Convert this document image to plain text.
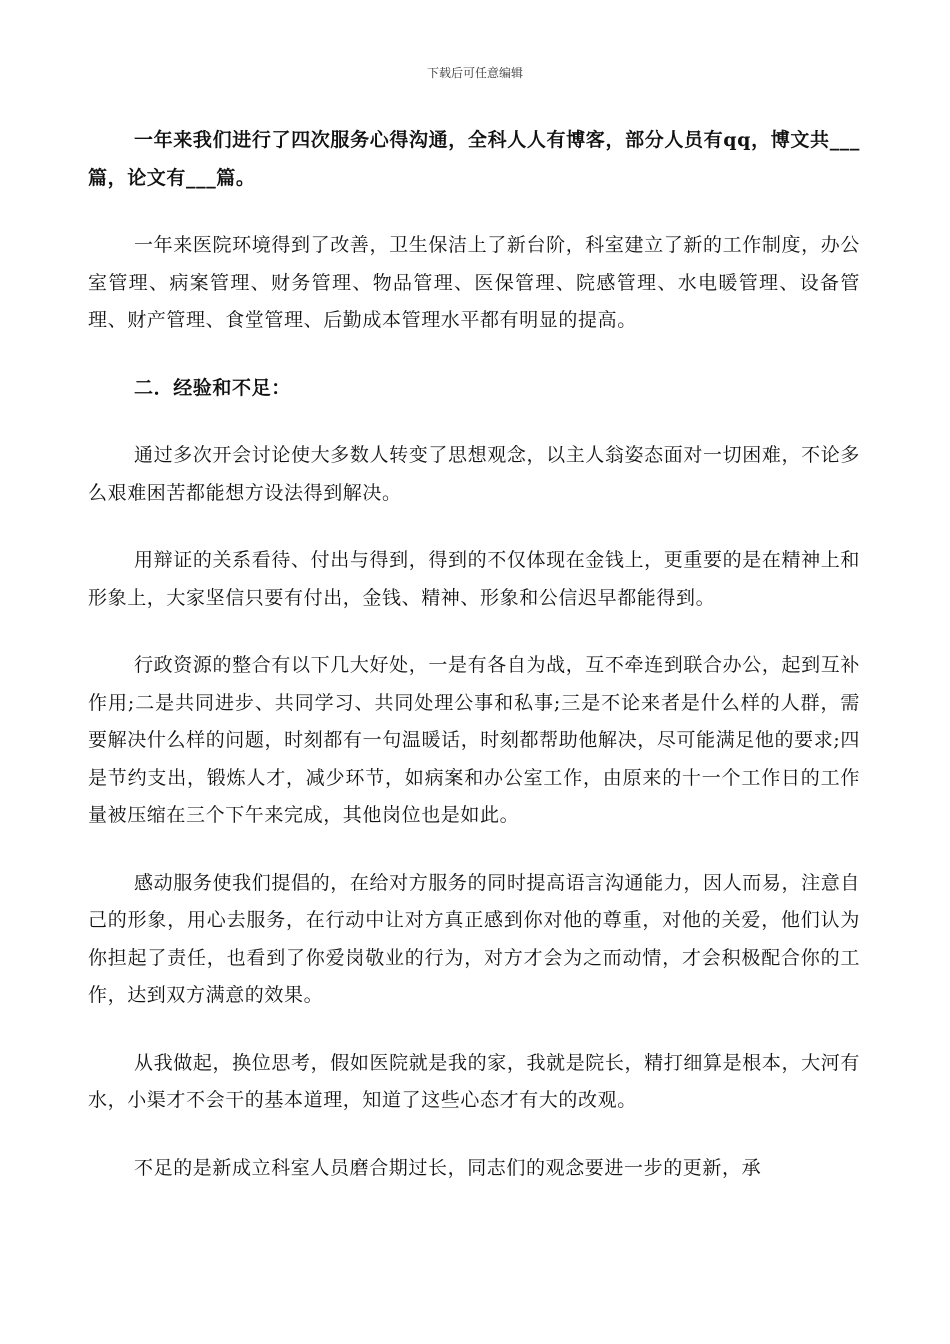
下载后可任意编辑

一年来我们进行了四次服务心得沟通，全科人人有博客，部分人员有qq，博文共___篇，论文有___篇。

一年来医院环境得到了改善，卫生保洁上了新台阶，科室建立了新的工作制度，办公室管理、病案管理、财务管理、物品管理、医保管理、院感管理、水电暖管理、设备管理、财产管理、食堂管理、后勤成本管理水平都有明显的提高。

二．经验和不足：

通过多次开会讨论使大多数人转变了思想观念，以主人翁姿态面对一切困难，不论多么艰难困苦都能想方设法得到解决。

用辩证的关系看待、付出与得到，得到的不仅体现在金钱上，更重要的是在精神上和形象上，大家坚信只要有付出，金钱、精神、形象和公信迟早都能得到。

行政资源的整合有以下几大好处，一是有各自为战，互不牵连到联合办公，起到互补作用;二是共同进步、共同学习、共同处理公事和私事;三是不论来者是什么样的人群，需要解决什么样的问题，时刻都有一句温暖话，时刻都帮助他解决，尽可能满足他的要求;四是节约支出，锻炼人才，减少环节，如病案和办公室工作，由原来的十一个工作日的工作量被压缩在三个下午来完成，其他岗位也是如此。

感动服务使我们提倡的，在给对方服务的同时提高语言沟通能力，因人而易，注意自己的形象，用心去服务，在行动中让对方真正感到你对他的尊重，对他的关爱，他们认为你担起了责任，也看到了你爱岗敬业的行为，对方才会为之而动情，才会积极配合你的工作，达到双方满意的效果。

从我做起，换位思考，假如医院就是我的家，我就是院长，精打细算是根本，大河有水，小渠才不会干的基本道理，知道了这些心态才有大的改观。

不足的是新成立科室人员磨合期过长，同志们的观念要进一步的更新，承
